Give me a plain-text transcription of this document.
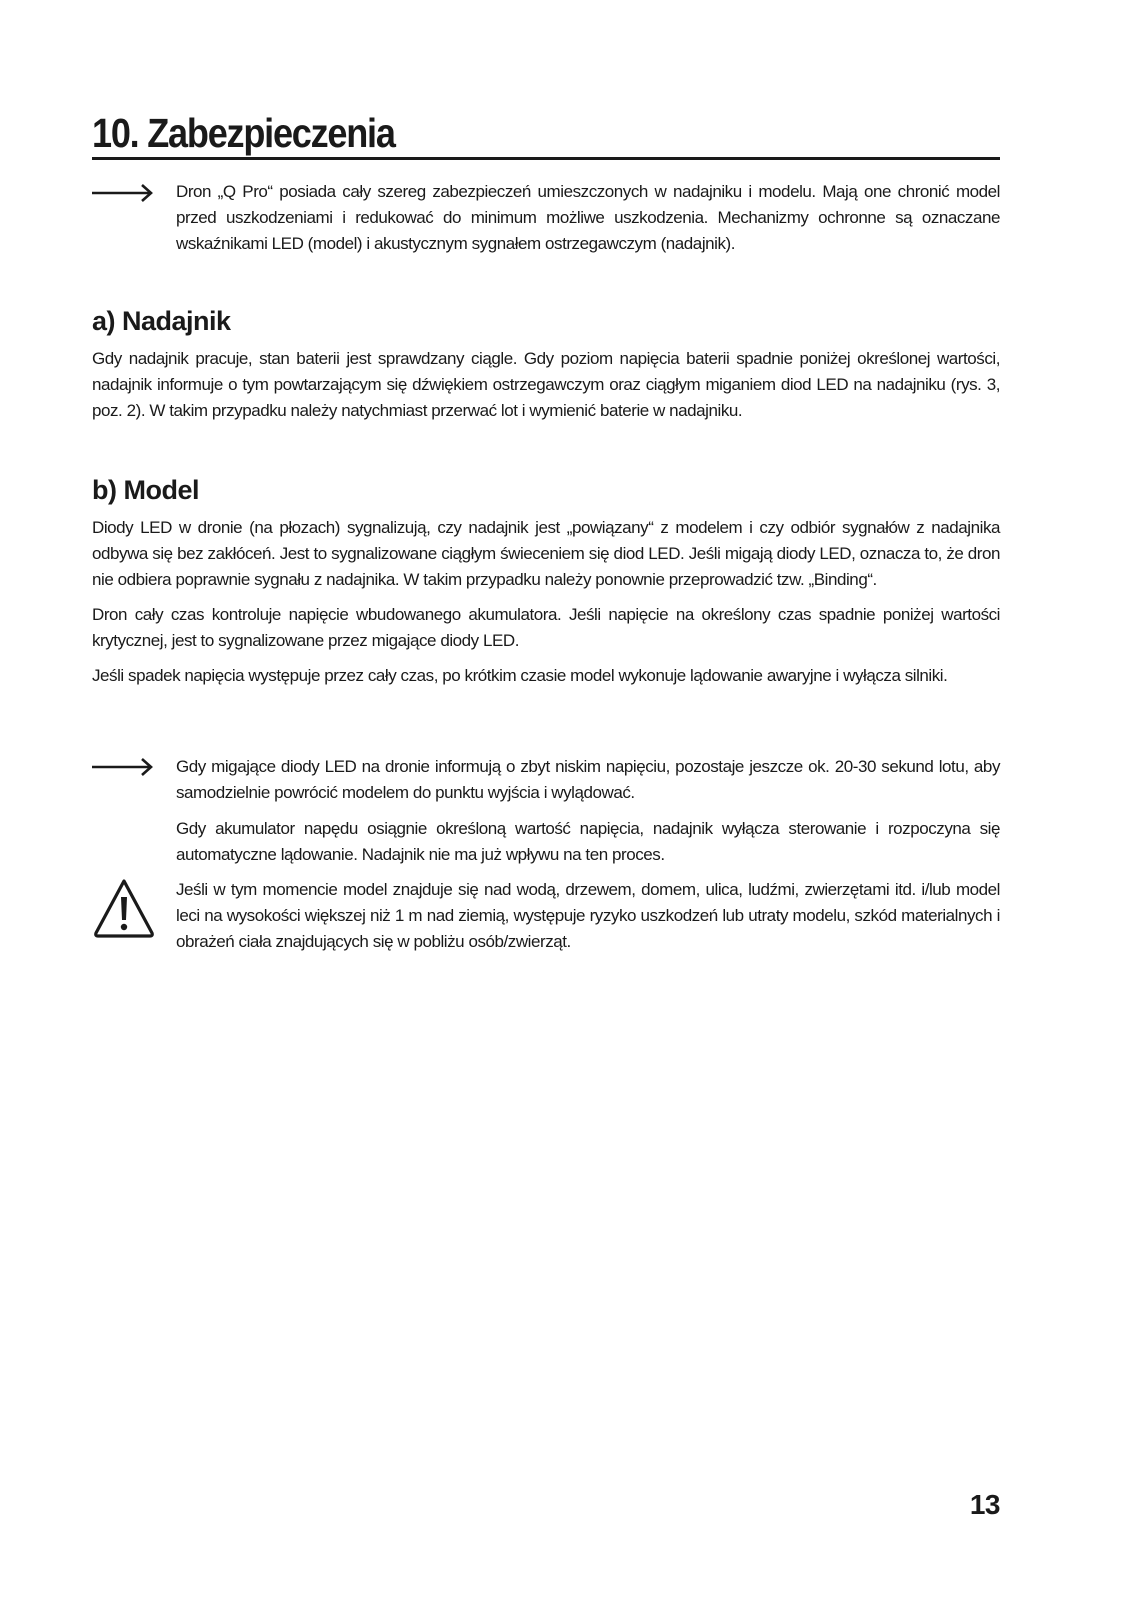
10. Zabezpieczenia

Dron „Q Pro“ posiada cały szereg zabezpieczeń umieszczonych w nadajniku i modelu. Mają one chronić model przed uszkodzeniami i redukować do minimum możliwe uszkodzenia. Mechanizmy ochronne są oznaczane wskaźnikami LED (model) i akustycznym sygnałem ostrzegawczym (nadajnik).

a) Nadajnik

Gdy nadajnik pracuje, stan baterii jest sprawdzany ciągle. Gdy poziom napięcia baterii spadnie poniżej określonej wartości, nadajnik informuje o tym powtarzającym się dźwiękiem ostrzegawczym oraz ciągłym miganiem diod LED na nadajniku (rys. 3, poz. 2). W takim przypadku należy natychmiast przerwać lot i wymienić baterie w nadajniku.

b) Model

Diody LED w dronie (na płozach) sygnalizują, czy nadajnik jest „powiązany“ z modelem i czy odbiór sygnałów z nadajnika odbywa się bez zakłóceń. Jest to sygnalizowane ciągłym świeceniem się diod LED. Jeśli migają diody LED, oznacza to, że dron nie odbiera poprawnie sygnału z nadajnika. W takim przypadku należy ponownie przeprowadzić tzw. „Binding“.

Dron cały czas kontroluje napięcie wbudowanego akumulatora. Jeśli napięcie na określony czas spadnie poniżej wartości krytycznej, jest to sygnalizowane przez migające diody LED.

Jeśli spadek napięcia występuje przez cały czas, po krótkim czasie model wykonuje lądowanie awaryjne i wyłącza silniki.

Gdy migające diody LED na dronie informują o zbyt niskim napięciu, pozostaje jeszcze ok. 20-30 sekund lotu, aby samodzielnie powrócić modelem do punktu wyjścia i wylądować.

Gdy akumulator napędu osiągnie określoną wartość napięcia, nadajnik wyłącza sterowanie i rozpoczyna się automatyczne lądowanie. Nadajnik nie ma już wpływu na ten proces.

Jeśli w tym momencie model znajduje się nad wodą, drzewem, domem, ulica, ludźmi, zwierzętami itd. i/lub model leci na wysokości większej niż 1 m nad ziemią, występuje ryzyko uszkodzeń lub utraty modelu, szkód materialnych i obrażeń ciała znajdujących się w pobliżu osób/zwierząt.

13
